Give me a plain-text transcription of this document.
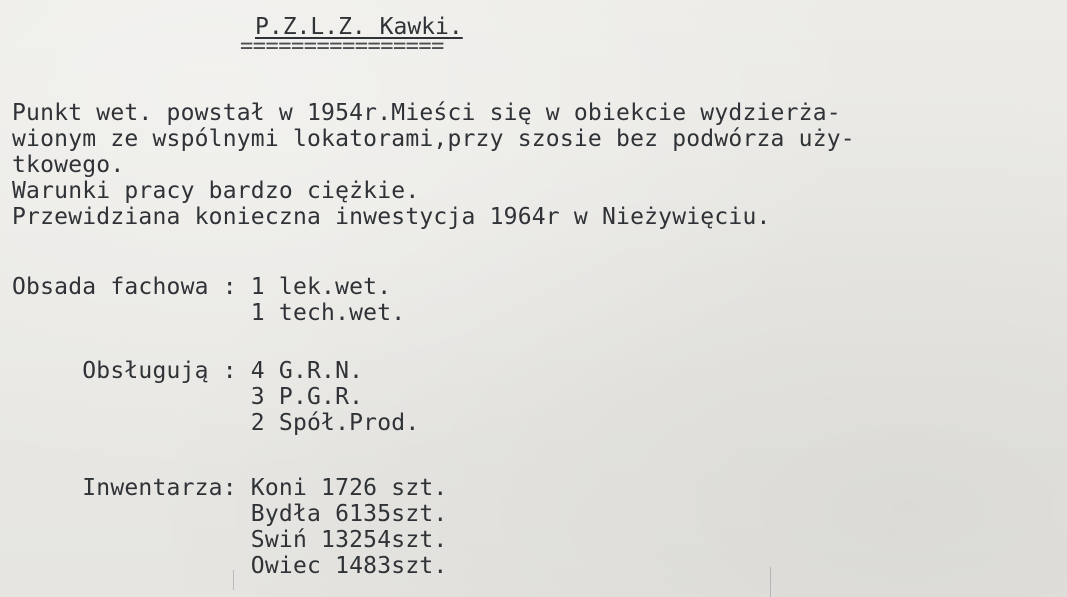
P.Z.L.Z. Kawki.
================
Punkt wet. powstał w 1954r.Mieści się w obiekcie wydzierża-
wionym ze wspólnymi lokatorami,przy szosie bez podwórza uży-
tkowego.
Warunki pracy bardzo ciężkie.
Przewidziana konieczna inwestycja 1964r w Nieżywięciu.
Obsada fachowa : 1 lek.wet.
1 tech.wet.
Obsługują : 4 G.R.N.
3 P.G.R.
2 Spół.Prod.
Inwentarza: Koni 1726 szt.
Bydła 6135szt.
Swiń 13254szt.
Owiec 1483szt.
